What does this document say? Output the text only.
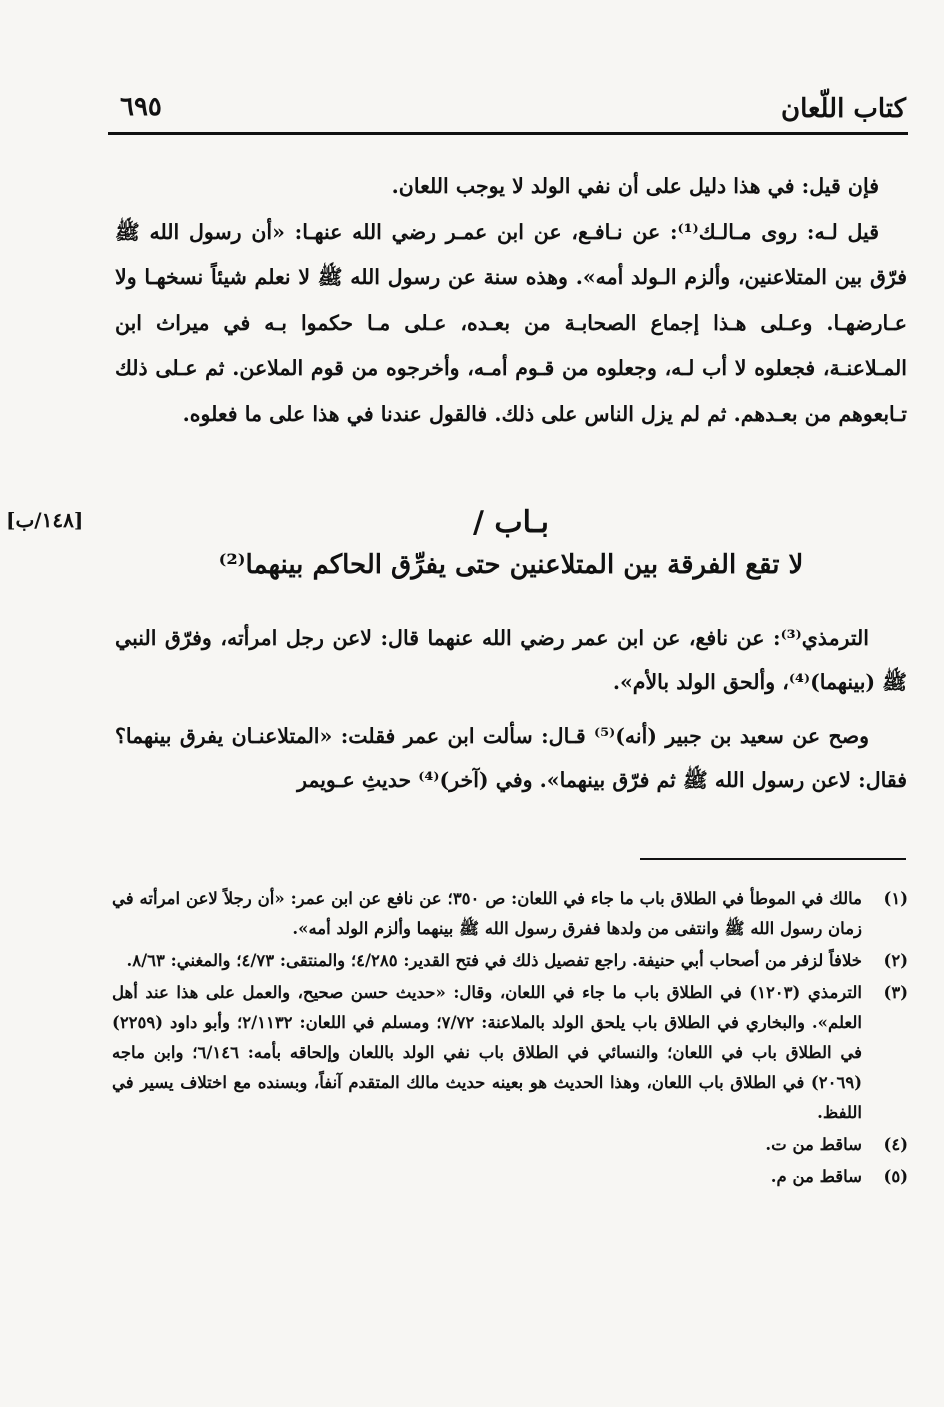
كتاب اللّعان
٦٩٥

فإن قيل: في هذا دليل على أن نفي الولد لا يوجب اللعان.

قيل لـه: روى مـالـك⁽¹⁾: عن نـافـع، عن ابن عمـر رضي الله عنهـا: «أن رسول الله ﷺ فرّق بين المتلاعنين، وألزم الـولد أمه». وهذه سنة عن رسول الله ﷺ لا نعلم شيئاً نسخهـا ولا عـارضهـا. وعـلى هـذا إجماع الصحابـة من بعـده، عـلى مـا حكموا بـه في ميراث ابن المـلاعنـة، فجعلوه لا أب لـه، وجعلوه من قـوم أمـه، وأخرجوه من قوم الملاعن. ثم عـلى ذلك تـابعوهم من بعـدهم. ثم لم يزل الناس على ذلك. فالقول عندنا في هذا على ما فعلوه.

[١٤٨/ب]	بـاب /
لا تقع الفرقة بين المتلاعنين حتى يفرِّق الحاكم بينهما⁽²⁾

الترمذي⁽³⁾: عن نافع، عن ابن عمر رضي الله عنهما قال: لاعن رجل امرأته، وفرّق النبي ﷺ (بينهما)⁽⁴⁾، وألحق الولد بالأم».

وصح عن سعيد بن جبير (أنه)⁽⁵⁾ قـال: سألت ابن عمر فقلت: «المتلاعنـان يفرق بينهما؟ فقال: لاعن رسول الله ﷺ ثم فرّق بينهما». وفي (آخر)⁽⁴⁾ حديثِ عـويمر

(١)
مالك في الموطأ في الطلاق باب ما جاء في اللعان: ص ٣٥٠؛ عن نافع عن ابن عمر: «أن رجلاً لاعن امرأته في زمان رسول الله ﷺ وانتفى من ولدها ففرق رسول الله ﷺ بينهما وألزم الولد أمه».
(٢)
خلافاً لزفر من أصحاب أبي حنيفة. راجع تفصيل ذلك في فتح القدير: ٤/٢٨٥؛ والمنتقى: ٤/٧٣؛ والمغني: ٨/٦٣.
(٣)
الترمذي (١٢٠٣) في الطلاق باب ما جاء في اللعان، وقال: «حديث حسن صحيح، والعمل على هذا عند أهل العلم». والبخاري في الطلاق باب يلحق الولد بالملاعنة: ٧/٧٢؛ ومسلم في اللعان: ٢/١١٣٢؛ وأبو داود (٢٢٥٩) في الطلاق باب في اللعان؛ والنسائي في الطلاق باب نفي الولد باللعان وإلحاقه بأمه: ٦/١٤٦؛ وابن ماجه (٢٠٦٩) في الطلاق باب اللعان، وهذا الحديث هو بعينه حديث مالك المتقدم آنفاً، وبسنده مع اختلاف يسير في اللفظ.
(٤)
ساقط من ت.
(٥)
ساقط من م.
